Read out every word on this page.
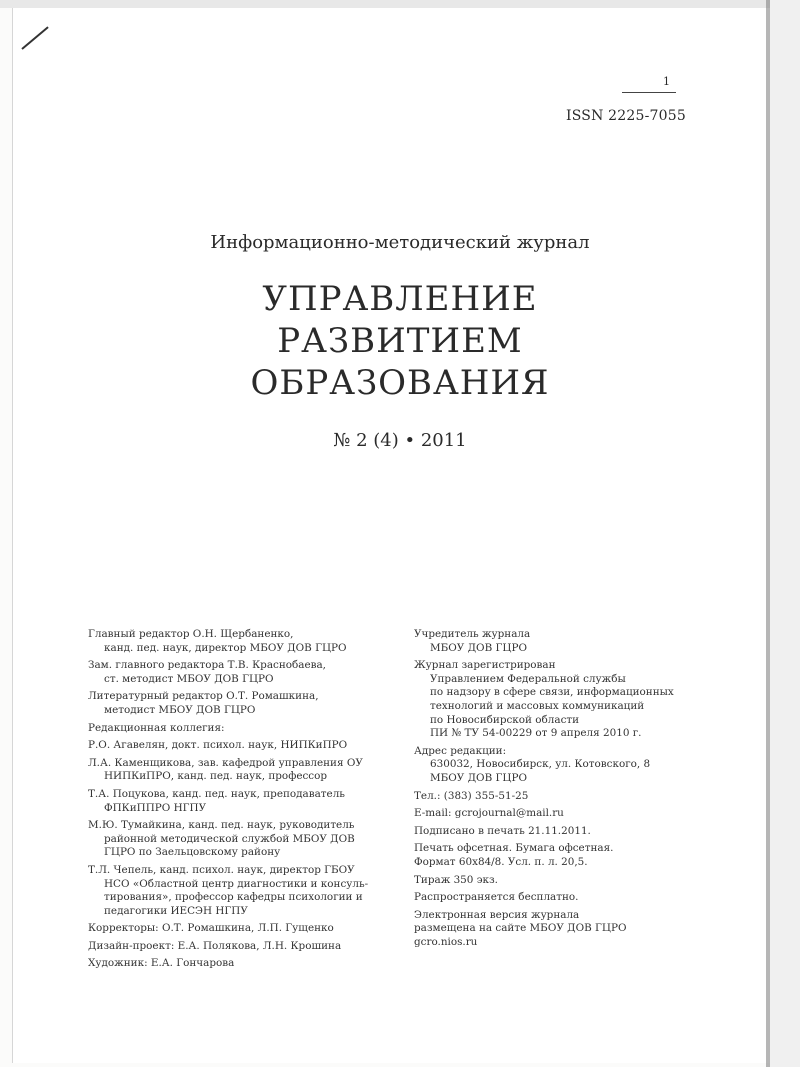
1
ISSN 2225-7055
Информационно-методический журнал
УПРАВЛЕНИЕ
РАЗВИТИЕМ
ОБРАЗОВАНИЯ
№ 2 (4) • 2011
Главный редактор О.Н. Щербаненко,
канд. пед. наук, директор МБОУ ДОВ ГЦРО
Зам. главного редактора Т.В. Краснобаева,
ст. методист МБОУ ДОВ ГЦРО
Литературный редактор О.Т. Ромашкина,
методист МБОУ ДОВ ГЦРО
Редакционная коллегия:
Р.О. Агавелян, докт. психол. наук, НИПКиПРО
Л.А. Каменщикова, зав. кафедрой управления ОУ
НИПКиПРО, канд. пед. наук, профессор
Т.А. Поцукова, канд. пед. наук, преподаватель
ФПКиППРО НГПУ
М.Ю. Тумайкина, канд. пед. наук, руководитель
районной методической службой МБОУ ДОВ
ГЦРО по Заельцовскому району
Т.Л. Чепель, канд. психол. наук, директор ГБОУ
НСО «Областной центр диагностики и консуль-
тирования», профессор кафедры психологии и
педагогики ИЕСЭН НГПУ
Корректоры: О.Т. Ромашкина, Л.П. Гущенко
Дизайн-проект: Е.А. Полякова, Л.Н. Крошина
Художник: Е.А. Гончарова
Учредитель журнала
МБОУ ДОВ ГЦРО
Журнал зарегистрирован
Управлением Федеральной службы
по надзору в сфере связи, информационных
технологий и массовых коммуникаций
по Новосибирской области
ПИ № ТУ 54-00229 от 9 апреля 2010 г.
Адрес редакции:
630032, Новосибирск, ул. Котовского, 8
МБОУ ДОВ ГЦРО
Тел.: (383) 355-51-25
E-mail: gcrojournal@mail.ru
Подписано в печать 21.11.2011.
Печать офсетная. Бумага офсетная.
Формат 60х84/8. Усл. п. л. 20,5.
Тираж 350 экз.
Распространяется бесплатно.
Электронная версия журнала
размещена на сайте МБОУ ДОВ ГЦРО
gcro.nios.ru
